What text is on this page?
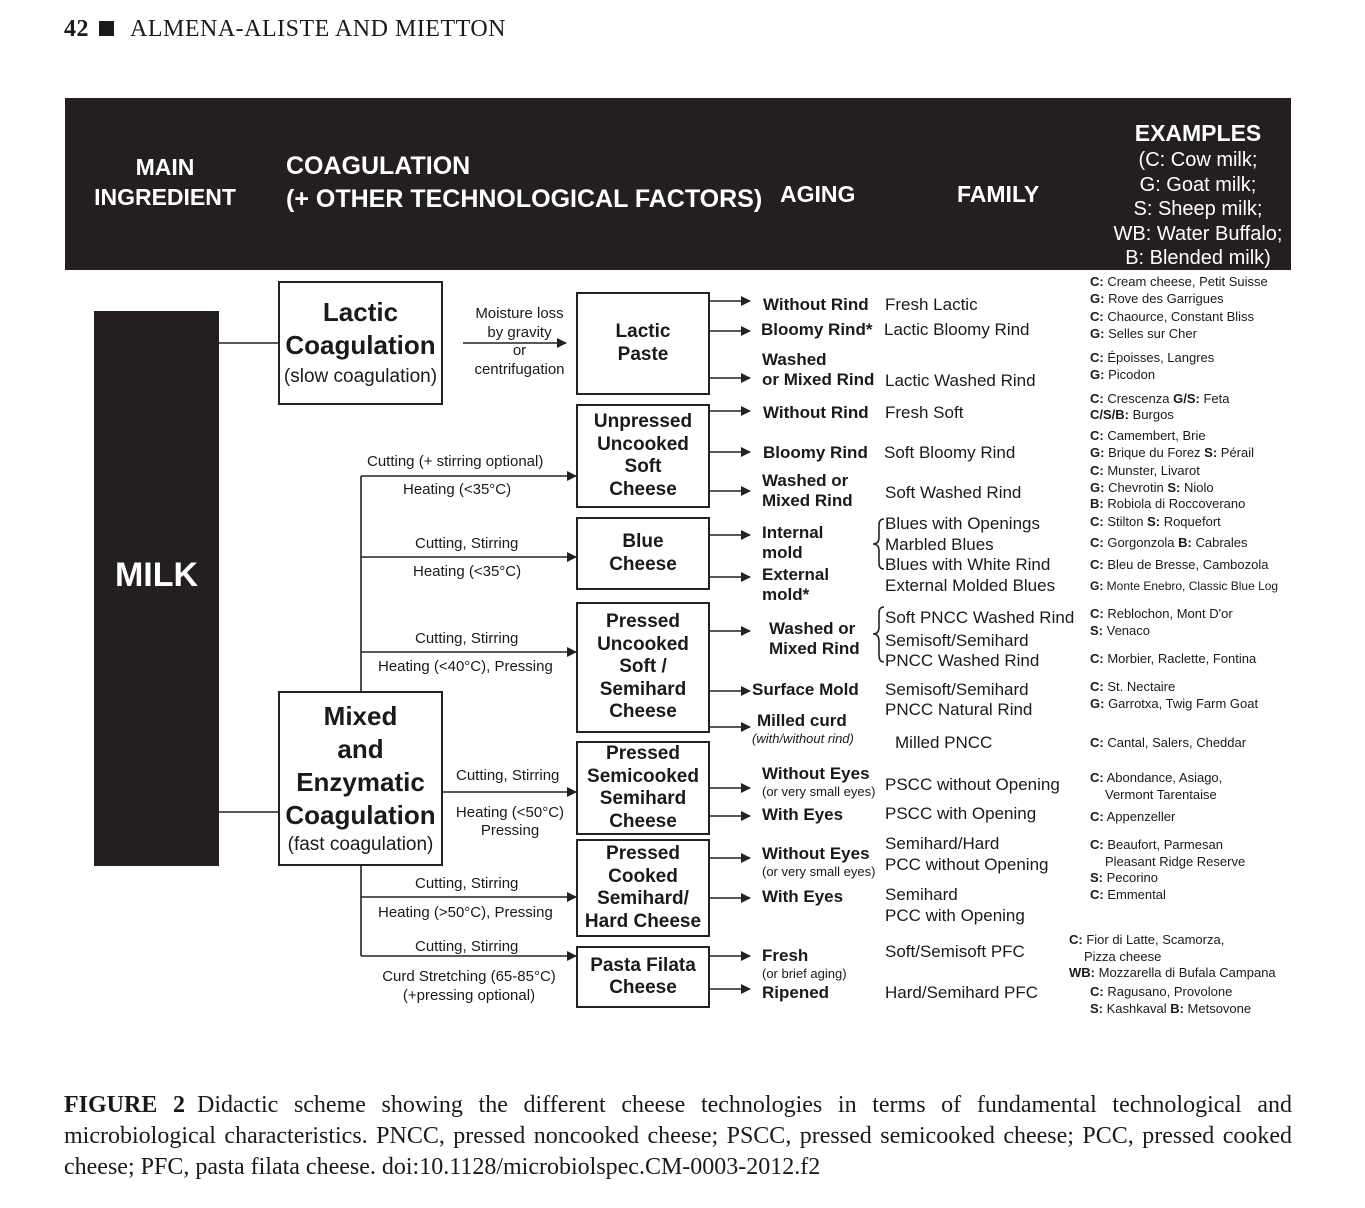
42 ALMENA-ALISTE AND MIETTON
MAIN
INGREDIENT
COAGULATION
(+ OTHER TECHNOLOGICAL FACTORS) AGING	FAMILY
EXAMPLES
(C: Cow milk;
G: Goat milk;
S: Sheep milk;
WB: Water Buffalo;
B: Blended milk)
MILK
Lactic
Coagulation
(slow coagulation)
Mixed
and
Enzymatic
Coagulation
(fast coagulation)
Moisture loss
by gravity
or
centrifugation
Cutting (+ stirring optional)
Heating (<35°C)
Cutting, Stirring
Heating (<35°C)
Cutting, Stirring
Heating (<40°C), Pressing
Cutting, Stirring
Heating (<50°C)
Pressing
Cutting, Stirring
Heating (>50°C), Pressing
Cutting, Stirring
Curd Stretching (65-85°C)
(+pressing optional)
Lactic
Paste
Unpressed
Uncooked
Soft
Cheese
Blue
Cheese
Pressed
Uncooked
Soft /
Semihard
Cheese
Pressed
Semicooked
Semihard
Cheese
Pressed
Cooked
Semihard/
Hard Cheese
Pasta Filata
Cheese
Without Rind
Bloomy Rind*
Washed
or Mixed Rind
Without Rind
Bloomy Rind
Washed or
Mixed Rind
Internal
mold
External
mold*
Washed or
Mixed Rind
Surface Mold
Milled curd
(with/without rind)
Without Eyes
(or very small eyes)
With Eyes
Without Eyes
(or very small eyes)
With Eyes
Fresh
(or brief aging)
Ripened
Fresh Lactic
Lactic Bloomy Rind
Lactic Washed Rind
Fresh Soft
Soft Bloomy Rind
Soft Washed Rind
Blues with Openings
Marbled Blues
Blues with White Rind
External Molded Blues
Soft PNCC Washed Rind
Semisoft/Semihard
PNCC Washed Rind
Semisoft/Semihard
PNCC Natural Rind
Milled PNCC
PSCC without Opening
PSCC with Opening
Semihard/Hard
PCC without Opening
Semihard
PCC with Opening
Soft/Semisoft PFC
Hard/Semihard PFC
C: Cream cheese, Petit Suisse
G: Rove des Garrigues
C: Chaource, Constant Bliss
G: Selles sur Cher
C: Époisses, Langres
G: Picodon
C: Crescenza G/S: Feta
C/S/B: Burgos
C: Camembert, Brie
G: Brique du Forez S: Pérail
C: Munster, Livarot
G: Chevrotin S: Niolo
B: Robiola di Roccoverano
C: Stilton S: Roquefort
C: Gorgonzola B: Cabrales
C: Bleu de Bresse, Cambozola
G: Monte Enebro, Classic Blue Log
C: Reblochon, Mont D'or
S: Venaco
C: Morbier, Raclette, Fontina
C: St. Nectaire
G: Garrotxa, Twig Farm Goat
C: Cantal, Salers, Cheddar
C: Abondance, Asiago,
Vermont Tarentaise
C: Appenzeller
C: Beaufort, Parmesan
Pleasant Ridge Reserve
S: Pecorino
C: Emmental
C: Fior di Latte, Scamorza,
Pizza cheese
WB: Mozzarella di Bufala Campana
C: Ragusano, Provolone
S: Kashkaval B: Metsovone
FIGURE 2 Didactic scheme showing the different cheese technologies in terms of fundamental technological and microbiological characteristics. PNCC, pressed noncooked cheese; PSCC, pressed semicooked cheese; PCC, pressed cooked cheese; PFC, pasta filata cheese. doi:10.1128/microbiolspec.CM-0003-2012.f2
